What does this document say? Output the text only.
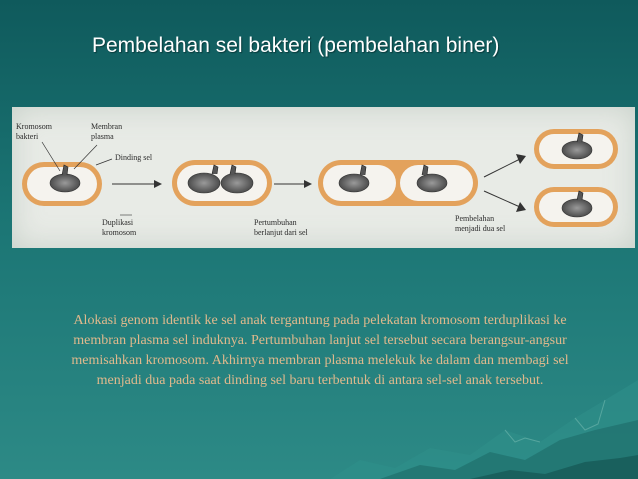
Pembelahan sel bakteri (pembelahan biner)
Kromosom
bakteri
Membran
plasma
Dinding sel
Duplikasi
kromosom
Pertumbuhan
berlanjut dari sel
Pembelahan
menjadi dua sel
Alokasi genom identik ke sel anak tergantung pada pelekatan kromosom terduplikasi ke membran plasma sel induknya. Pertumbuhan lanjut sel tersebut secara berangsur-angsur memisahkan kromosom. Akhirnya membran plasma melekuk ke dalam dan membagi sel menjadi dua pada saat dinding sel baru terbentuk di antara sel-sel anak tersebut.
